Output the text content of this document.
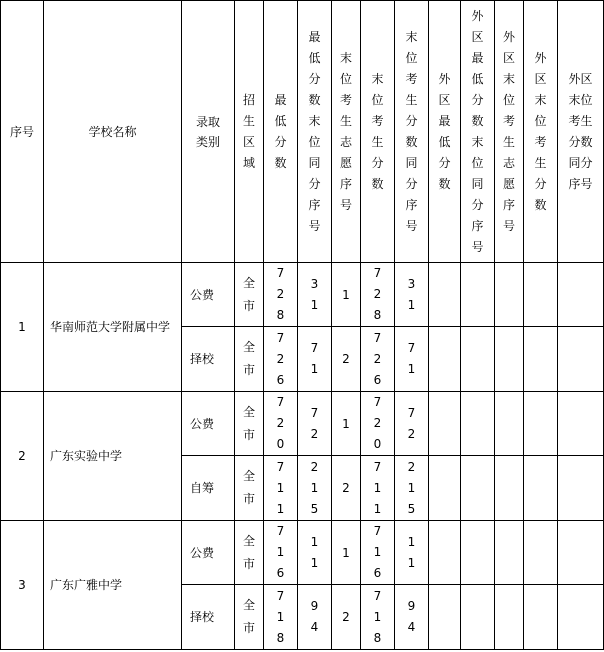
序号	学校名称	录取类别	招生区域	最低分数	最低分数末位同分序号	末位考生志愿序号	末位考生分数	末位考生分数同分序号	外区最低分数	外区最低分数末位同分序号	外区末位考生志愿序号	外区末位考生分数	外区末位考生分数同分序号
1	华南师范大学附属中学	公费	全市	728	31	1	728	31					
		择校	全市	726	71	2	726	71					
2	广东实验中学	公费	全市	720	72	1	720	72					
		自筹	全市	711	215	2	711	215					
3	广东广雅中学	公费	全市	716	11	1	716	11					
		择校	全市	718	94	2	718	94					
